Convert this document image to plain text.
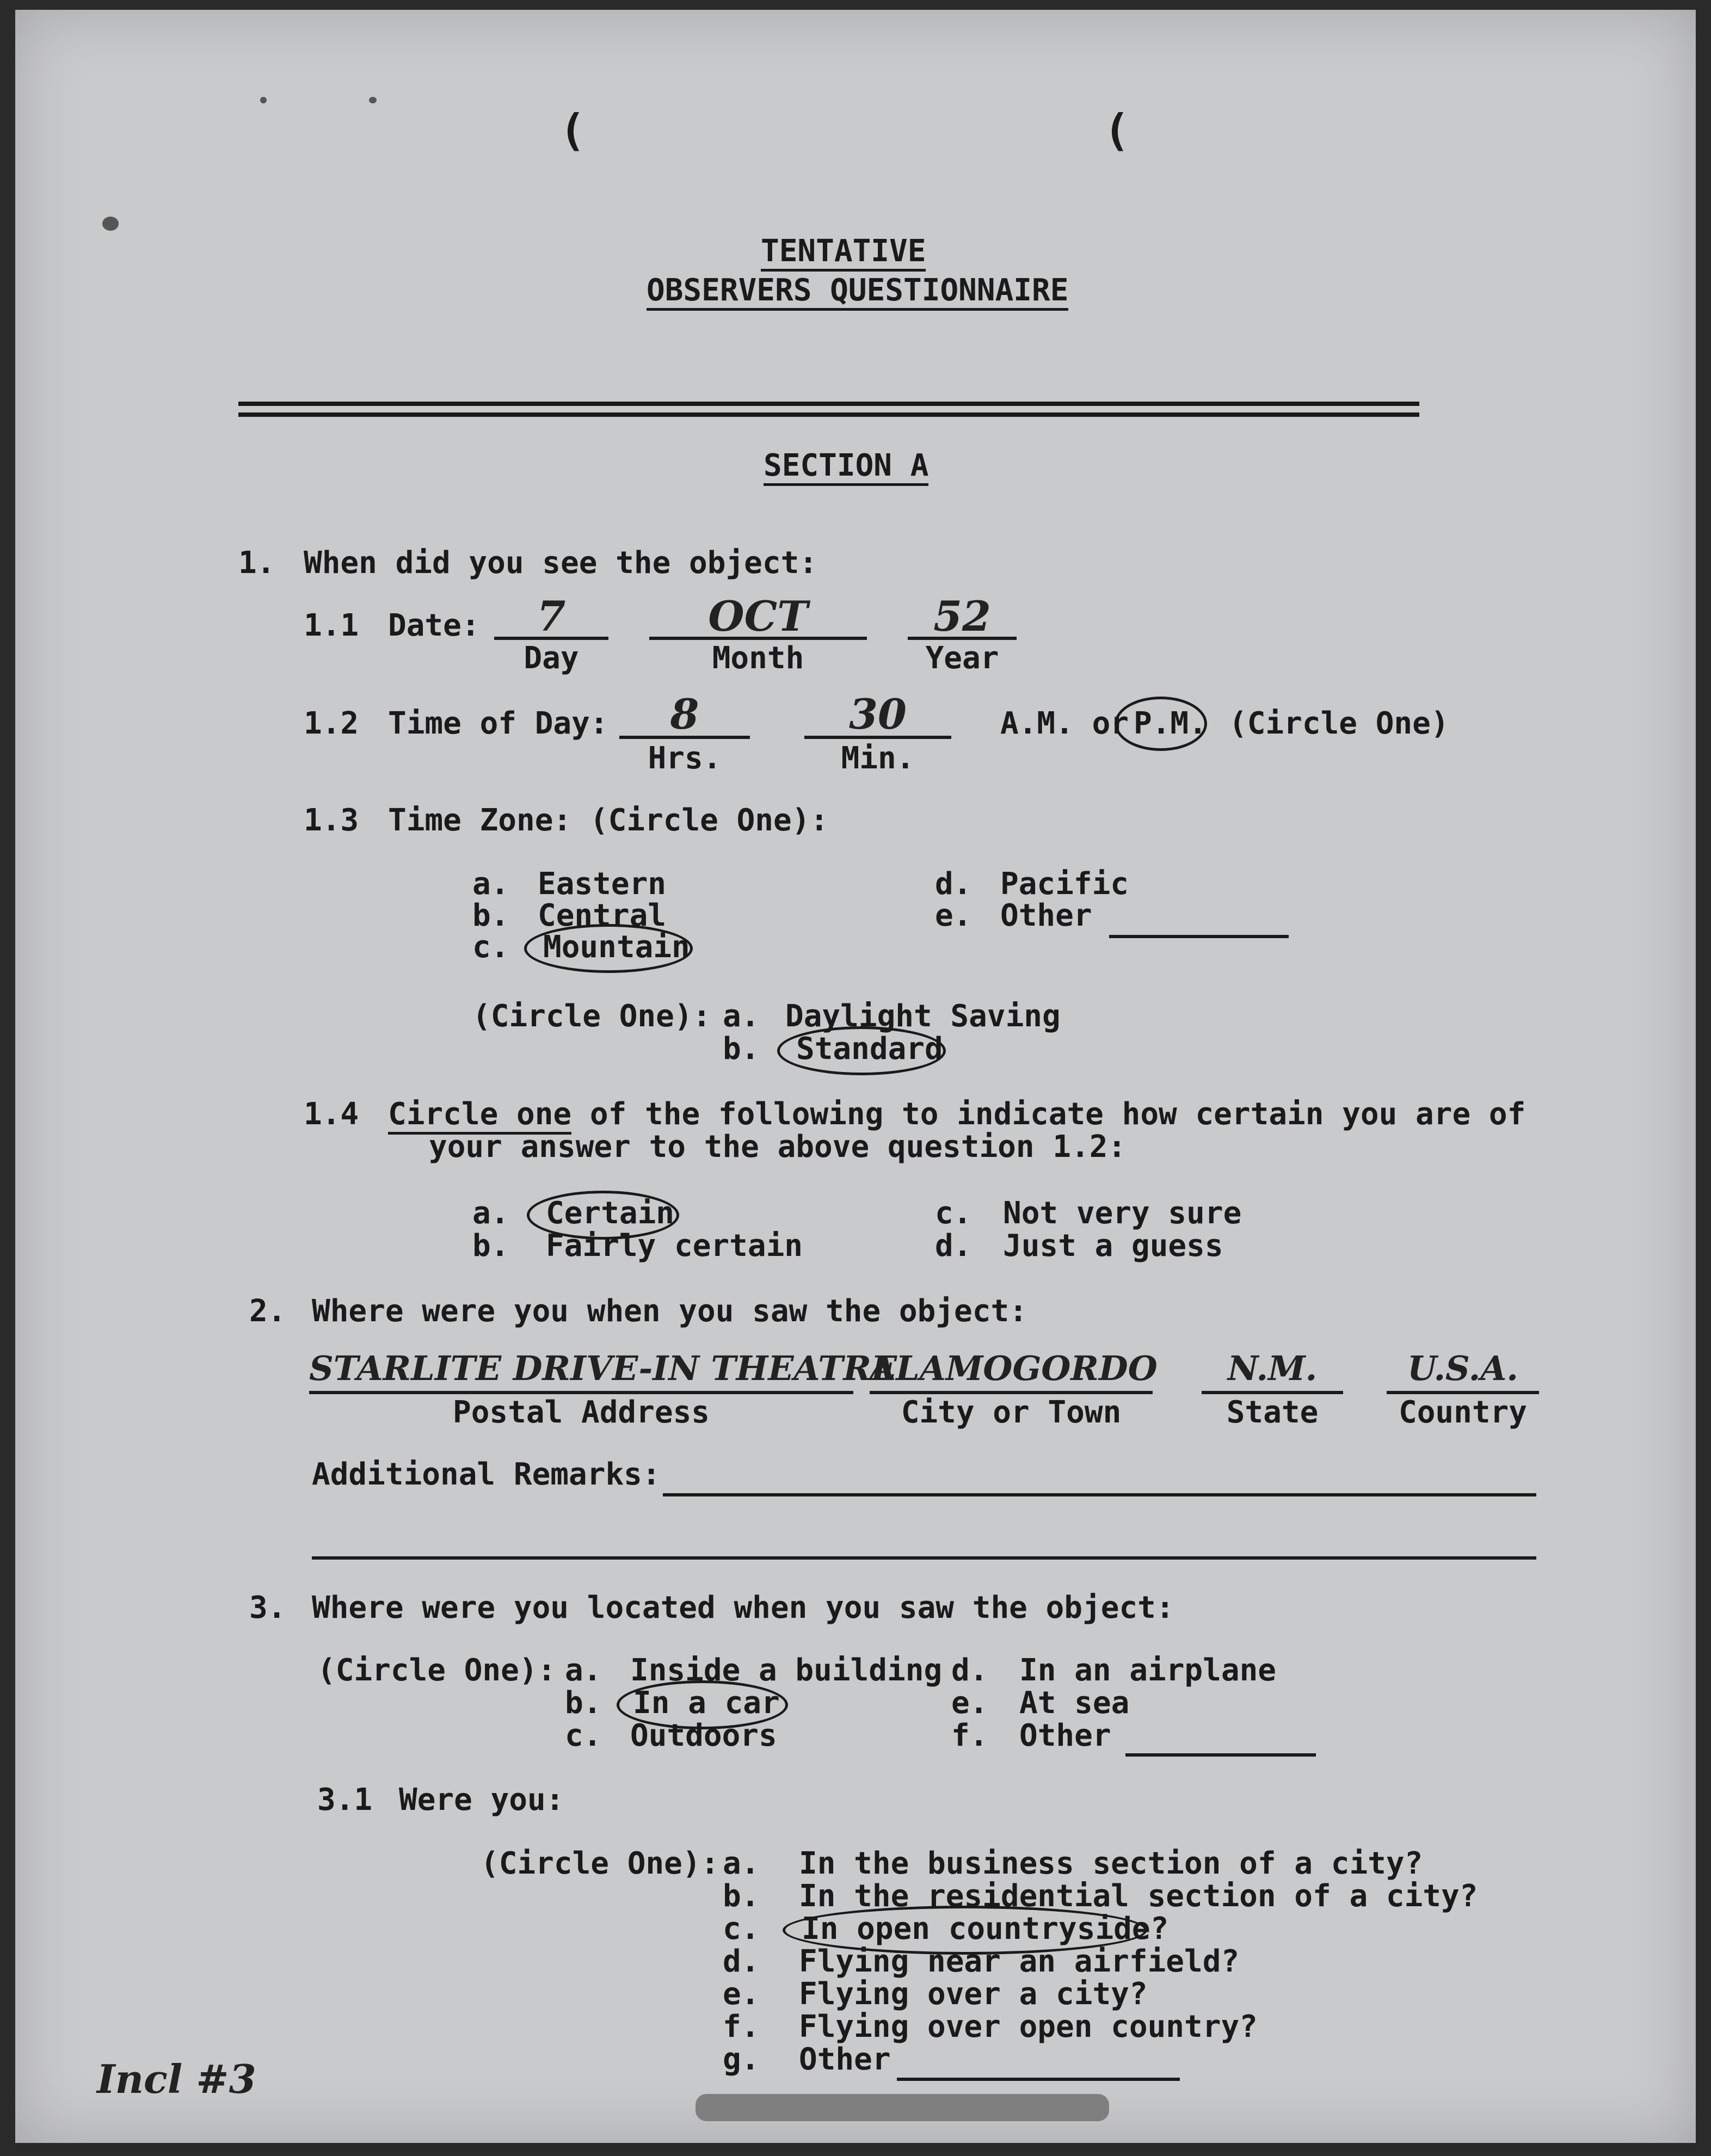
(	(
TENTATIVE
OBSERVERS QUESTIONNAIRE
SECTION A
1. When did you see the object:
1.1 Date:	7
Day
OCT
Month
52
Year
1.2 Time of Day:	8
Hrs.
30
Min.
A.M. or P.M. (Circle One)
1.3 Time Zone: (Circle One):
a. Eastern
b. Central
c. Mountain
d. Pacific
e. Other
(Circle One): a. Daylight Saving
b. Standard
1.4 Circle one of the following to indicate how certain you are of
your answer to the above question 1.2:
a. Certain
b. Fairly certain
c. Not very sure
d. Just a guess
2. Where were you when you saw the object:
STARLITE DRIVE-IN THEATRE
Postal Address
ALAMOGORDO
City or Town
N.M.
State
U.S.A.
Country
Additional Remarks:
3. Where were you located when you saw the object:
(Circle One): a. Inside a building
b. In a car
c. Outdoors
d. In an airplane
e. At sea
f. Other
3.1 Were you:
(Circle One): a. In the business section of a city?
b. In the residential section of a city?
c. In open countryside?
d. Flying near an airfield?
e. Flying over a city?
f. Flying over open country?
g. Other
Incl #3
